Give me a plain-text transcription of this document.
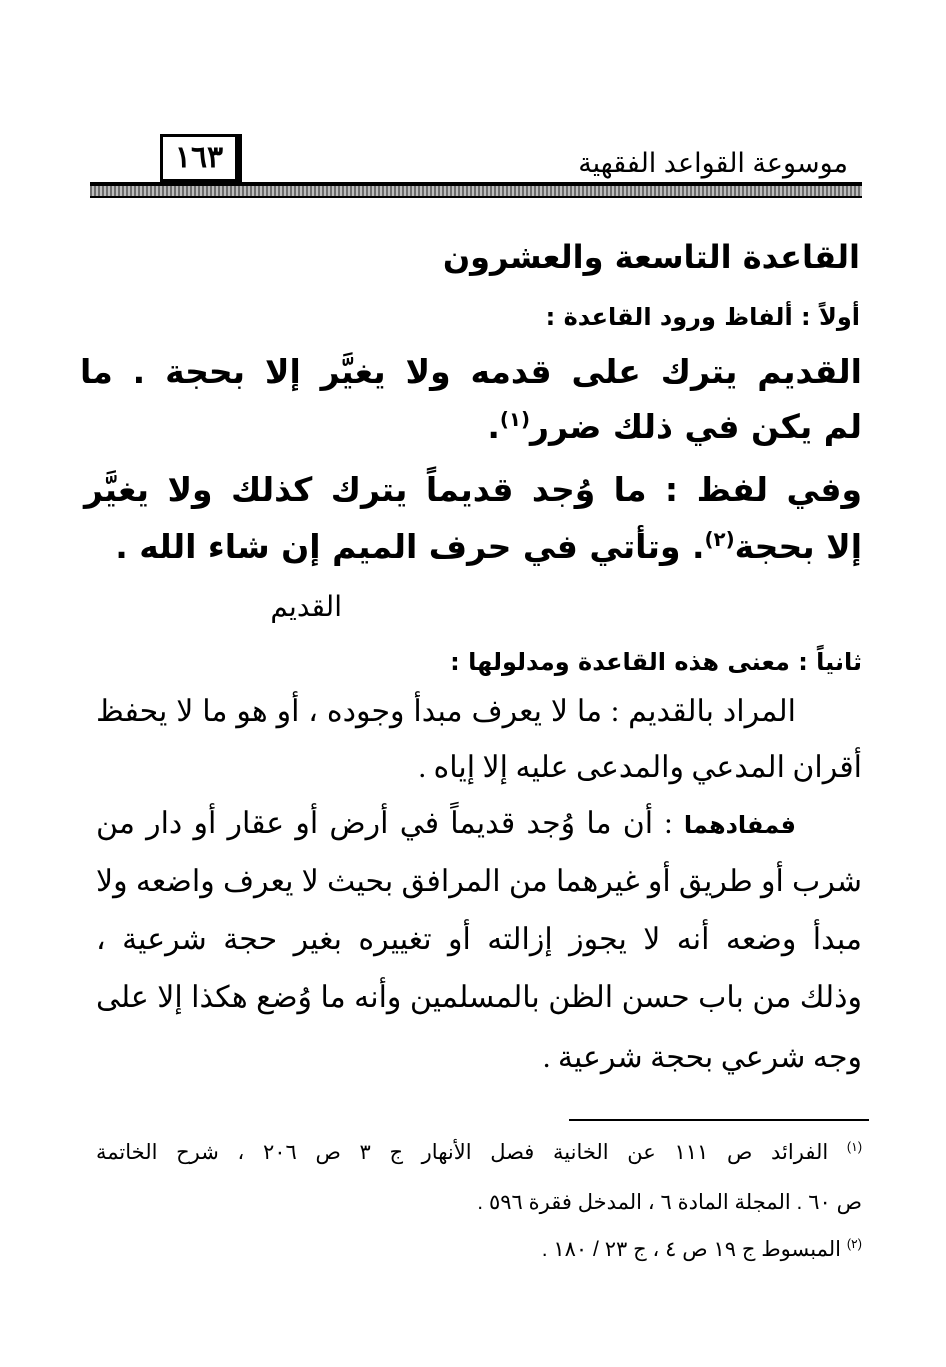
موسوعة القواعد الفقهية
١٦٣
القاعدة التاسعة والعشرون
أولاً : ألفاظ ورود القاعدة :
القديم يترك على قدمه ولا يغيَّر إلا بحجة . ما
لم يكن في ذلك ضرر$^{(١)}$.
وفي لفظ : ما وُجد قديماً يترك كذلك ولا يغيَّر
إلا بحجة$^{(٢)}$. وتأتي في حرف الميم إن شاء الله .
القديم
ثانياً : معنى هذه القاعدة ومدلولها :
المراد بالقديم : ما لا يعرف مبدأ وجوده ، أو هو ما لا يحفظ
أقران المدعي والمدعى عليه إلا إياه .
فمفادهما : أن ما وُجد قديماً في أرض أو عقار أو دار من
شرب أو طريق أو غيرهما من المرافق بحيث لا يعرف واضعه ولا
مبدأ وضعه أنه لا يجوز إزالته أو تغييره بغير حجة شرعية ،
وذلك من باب حسن الظن بالمسلمين وأنه ما وُضع هكذا إلا على
وجه شرعي بحجة شرعية .
$^{(١)}$ الفرائد ص ١١١ عن الخانية فصل الأنهار ج ٣ ص ٢٠٦ ، شرح الخاتمة
ص ٦٠ . المجلة المادة ٦ ، المدخل فقرة ٥٩٦ .
$^{(٢)}$ المبسوط ج ١٩ ص ٤ ، ج ٢٣ / ١٨٠ .
